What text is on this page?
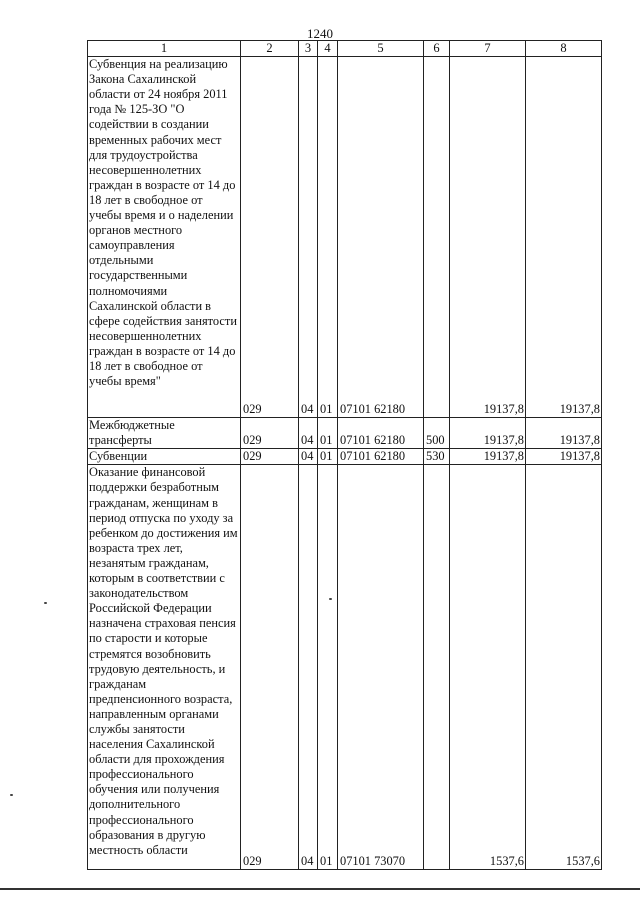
1240
1	2	3	4	5	6	7	8
Субвенция на реализацию Закона Сахалинской области от 24 ноября 2011 года № 125-ЗО "О содействии в создании временных рабочих мест для трудоустройства несовершеннолетних граждан в возрасте от 14 до 18 лет в свободное от учебы время и о наделении органов местного самоуправления отдельными государственными полномочиями Сахалинской области в сфере содействия занятости несовершеннолетних граждан в возрасте от 14 до 18 лет в свободное от учебы время"	029	04	01	07101 62180		19137,8	19137,8
Межбюджетные трансферты	029	04	01	07101 62180	500	19137,8	19137,8
Субвенции	029	04	01	07101 62180	530	19137,8	19137,8
Оказание финансовой поддержки безработным гражданам, женщинам в период отпуска по уходу за ребенком до достижения им возраста трех лет, незанятым гражданам, которым в соответствии с законодательством Российской Федерации назначена страховая пенсия по старости и которые стремятся возобновить трудовую деятельность, и гражданам предпенсионного возраста, направленным органами службы занятости населения Сахалинской области для прохождения профессионального обучения или получения дополнительного профессионального образования в другую местность области	029	04	01	07101 73070		1537,6	1537,6
